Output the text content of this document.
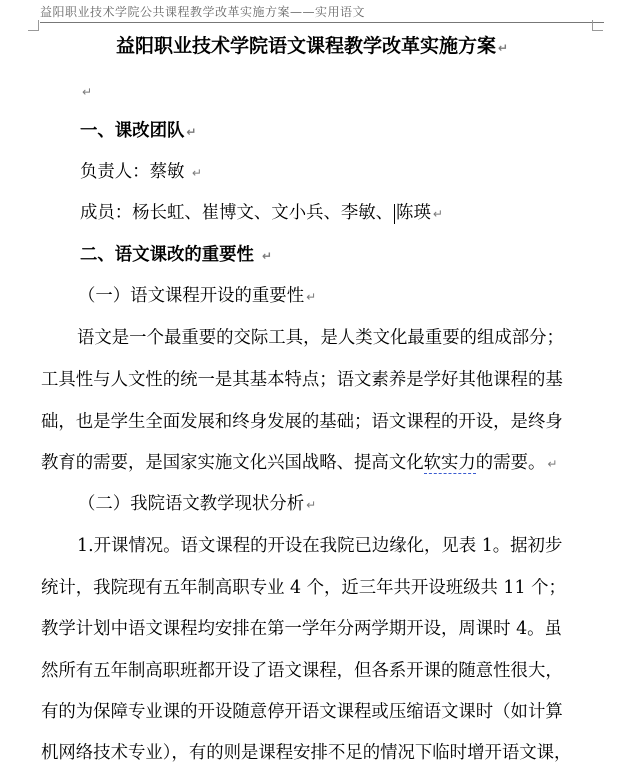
益阳职业技术学院公共课程教学改革实施方案——实用语文
益阳职业技术学院语文课程教学改革实施方案 ↵
↵
一、课改团队 ↵
负责人：蔡敏 ↵
成员：杨长虹、崔博文、文小兵、李敏、 陈瑛 ↵
二、语文课改的重要性 ↵
（一）语文课程开设的重要性 ↵
语文是一个最重要的交际工具，是人类文化最重要的组成部分；
工具性与人文性的统一是其基本特点；语文素养是学好其他课程的基
础，也是学生全面发展和终身发展的基础；语文课程的开设，是终身
教育的需要，是国家实施文化兴国战略、提高文化软实力的需要。 ↵
（二）我院语文教学现状分析 ↵
1.开课情况。语文课程的开设在我院已边缘化，见表 1。据初步
统计，我院现有五年制高职专业 4 个，近三年共开设班级共 11 个；
教学计划中语文课程均安排在第一学年分两学期开设，周课时 4。虽
然所有五年制高职班都开设了语文课程，但各系开课的随意性很大，
有的为保障专业课的开设随意停开语文课程或压缩语文课时（如计算
机网络技术专业），有的则是课程安排不足的情况下临时增开语文课，
